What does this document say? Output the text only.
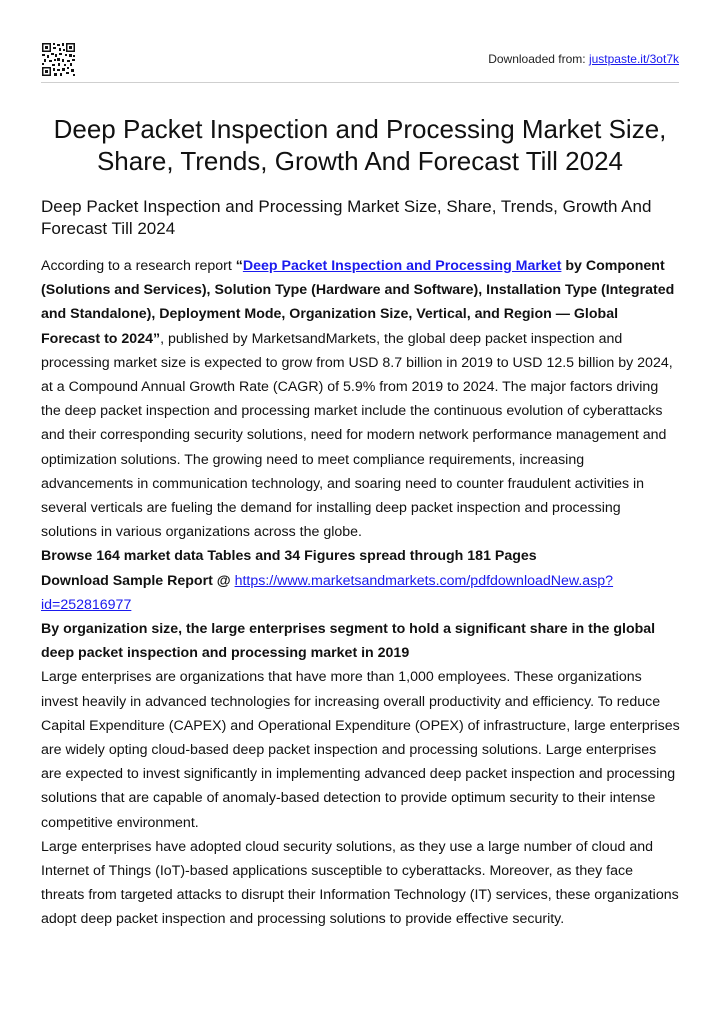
Downloaded from: justpaste.it/3ot7k
Deep Packet Inspection and Processing Market Size, Share, Trends, Growth And Forecast Till 2024
Deep Packet Inspection and Processing Market Size, Share, Trends, Growth And Forecast Till 2024

According to a research report “Deep Packet Inspection and Processing Market by Component (Solutions and Services), Solution Type (Hardware and Software), Installation Type (Integrated and Standalone), Deployment Mode, Organization Size, Vertical, and Region — Global Forecast to 2024”, published by MarketsandMarkets, the global deep packet inspection and processing market size is expected to grow from USD 8.7 billion in 2019 to USD 12.5 billion by 2024, at a Compound Annual Growth Rate (CAGR) of 5.9% from 2019 to 2024. The major factors driving the deep packet inspection and processing market include the continuous evolution of cyberattacks and their corresponding security solutions, need for modern network performance management and optimization solutions. The growing need to meet compliance requirements, increasing advancements in communication technology, and soaring need to counter fraudulent activities in several verticals are fueling the demand for installing deep packet inspection and processing solutions in various organizations across the globe.

Browse 164 market data Tables and 34 Figures spread through 181 Pages

Download Sample Report @ https://www.marketsandmarkets.com/pdfdownloadNew.asp?id=252816977

By organization size, the large enterprises segment to hold a significant share in the global deep packet inspection and processing market in 2019

Large enterprises are organizations that have more than 1,000 employees. These organizations invest heavily in advanced technologies for increasing overall productivity and efficiency. To reduce Capital Expenditure (CAPEX) and Operational Expenditure (OPEX) of infrastructure, large enterprises are widely opting cloud-based deep packet inspection and processing solutions. Large enterprises are expected to invest significantly in implementing advanced deep packet inspection and processing solutions that are capable of anomaly-based detection to provide optimum security to their intense competitive environment.

Large enterprises have adopted cloud security solutions, as they use a large number of cloud and Internet of Things (IoT)-based applications susceptible to cyberattacks. Moreover, as they face threats from targeted attacks to disrupt their Information Technology (IT) services, these organizations adopt deep packet inspection and processing solutions to provide effective security.
